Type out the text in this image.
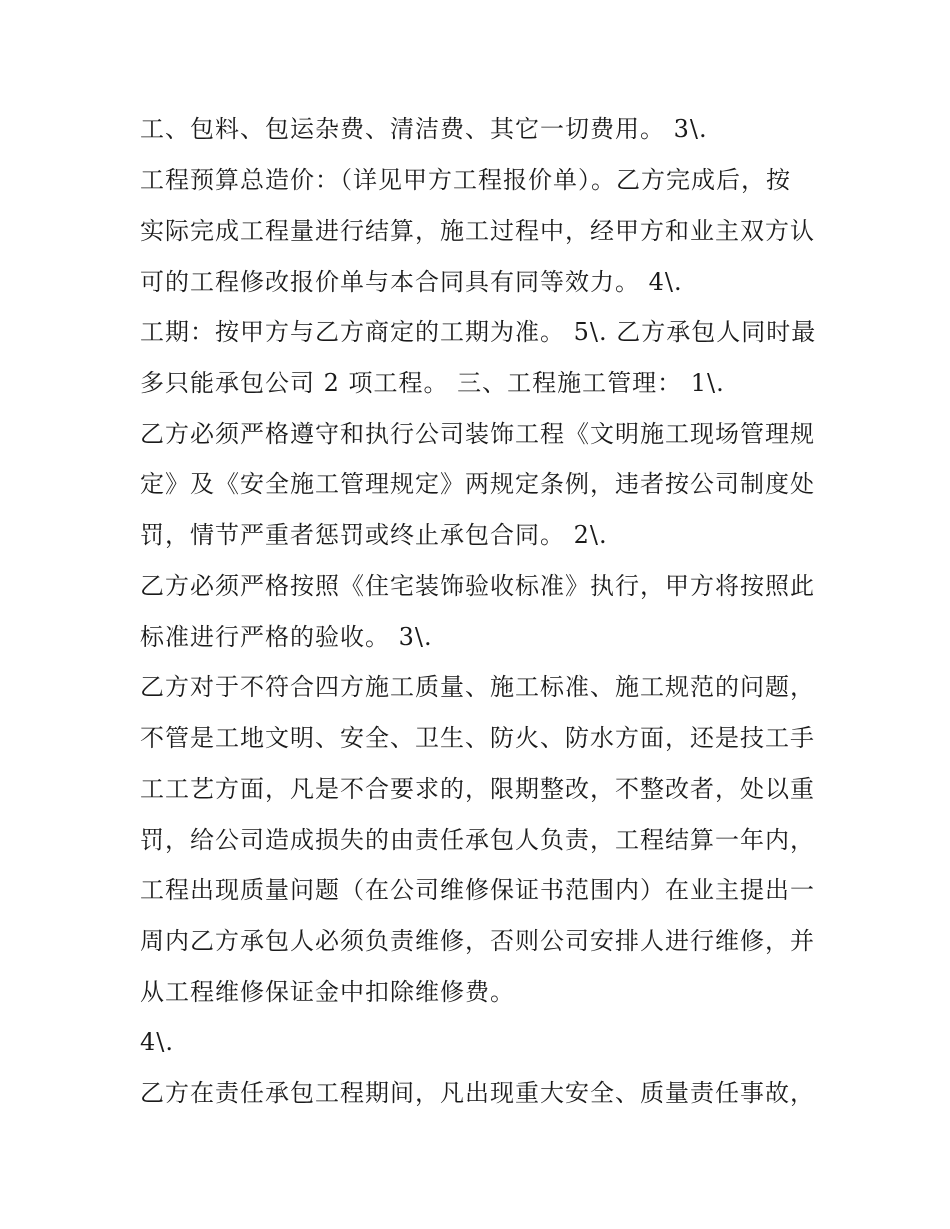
工、包料、包运杂费、清洁费、其它一切费用。 3\.
工程预算总造价：（详见甲方工程报价单）。乙方完成后，按
实际完成工程量进行结算，施工过程中，经甲方和业主双方认
可的工程修改报价单与本合同具有同等效力。 4\.
工期：按甲方与乙方商定的工期为准。 5\. 乙方承包人同时最
多只能承包公司 2 项工程。 三、工程施工管理： 1\.
乙方必须严格遵守和执行公司装饰工程《文明施工现场管理规
定》及《安全施工管理规定》两规定条例，违者按公司制度处
罚，情节严重者惩罚或终止承包合同。 2\.
乙方必须严格按照《住宅装饰验收标准》执行，甲方将按照此
标准进行严格的验收。 3\.
乙方对于不符合四方施工质量、施工标准、施工规范的问题，
不管是工地文明、安全、卫生、防火、防水方面，还是技工手
工工艺方面，凡是不合要求的，限期整改，不整改者，处以重
罚，给公司造成损失的由责任承包人负责，工程结算一年内，
工程出现质量问题（在公司维修保证书范围内）在业主提出一
周内乙方承包人必须负责维修，否则公司安排人进行维修，并
从工程维修保证金中扣除维修费。
4\.
乙方在责任承包工程期间，凡出现重大安全、质量责任事故，
